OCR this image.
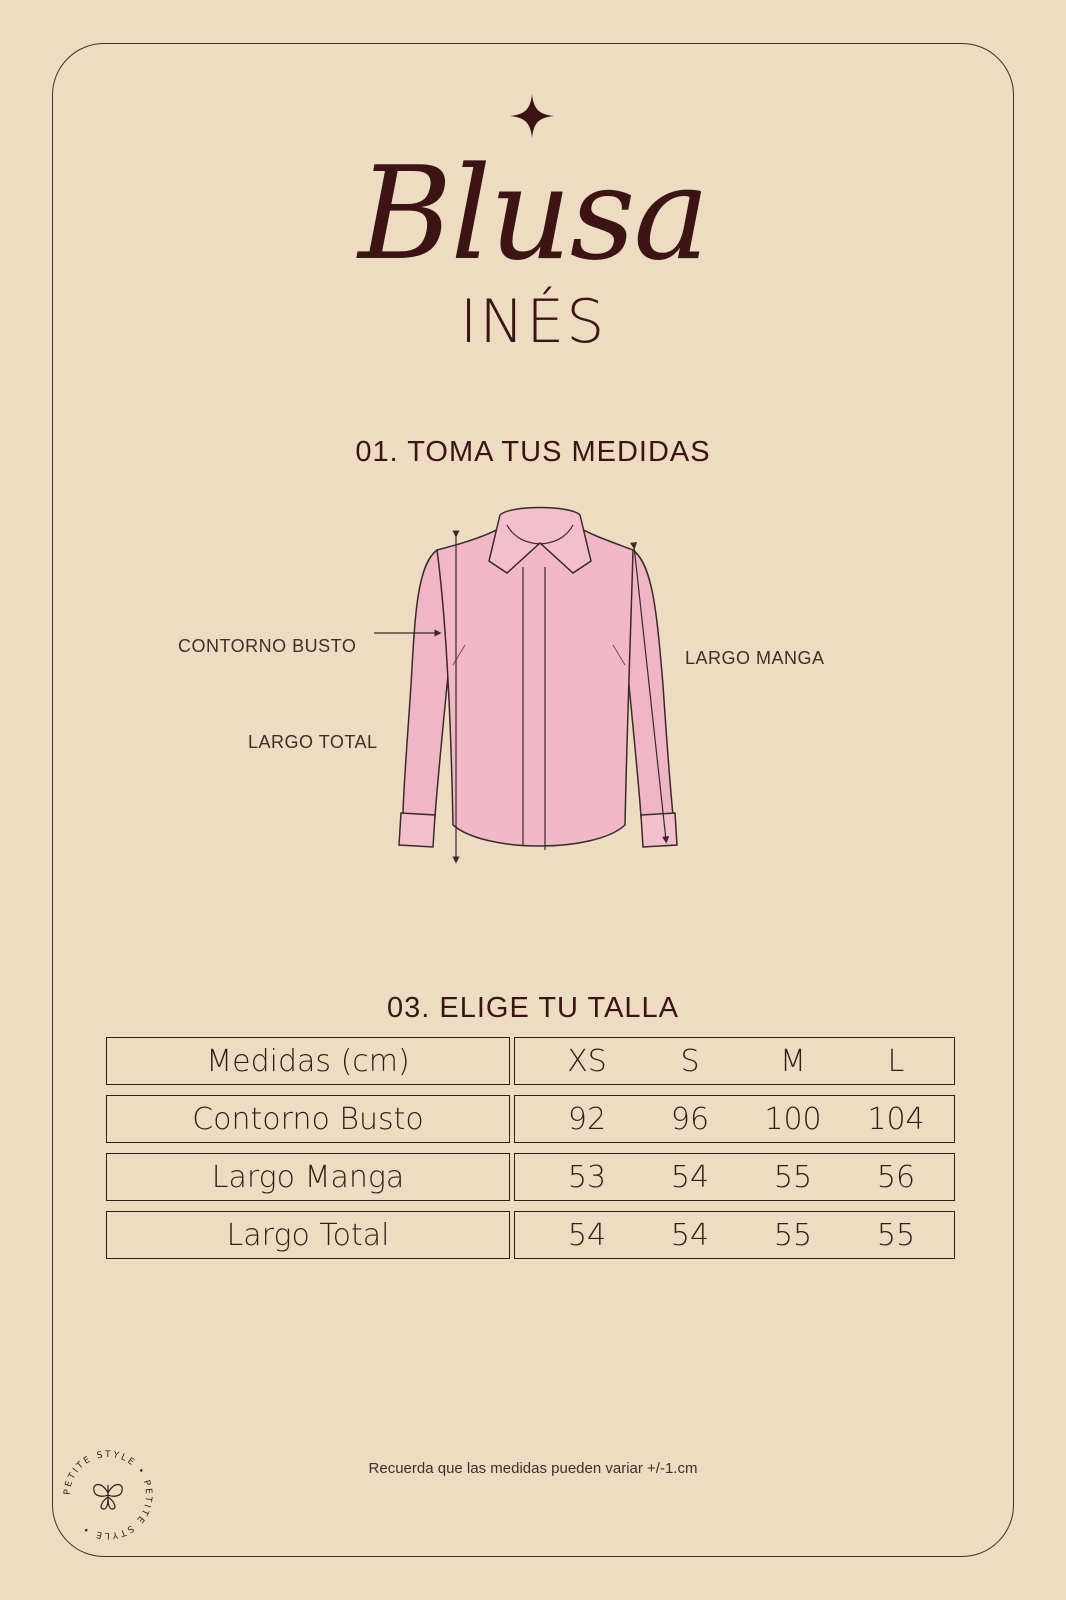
Blusa
INÉS
01. TOMA TUS MEDIDAS
CONTORNO BUSTO
LARGO MANGA
LARGO TOTAL
03. ELIGE TU TALLA
Medidas (cm)	XS	S	M	L
Contorno Busto	92	96	100	104
Largo Manga	53	54	55	56
Largo Total	54	54	55	55
Recuerda que las medidas pueden variar +/-1.cm
PETITE STYLE • PETITE STYLE •
